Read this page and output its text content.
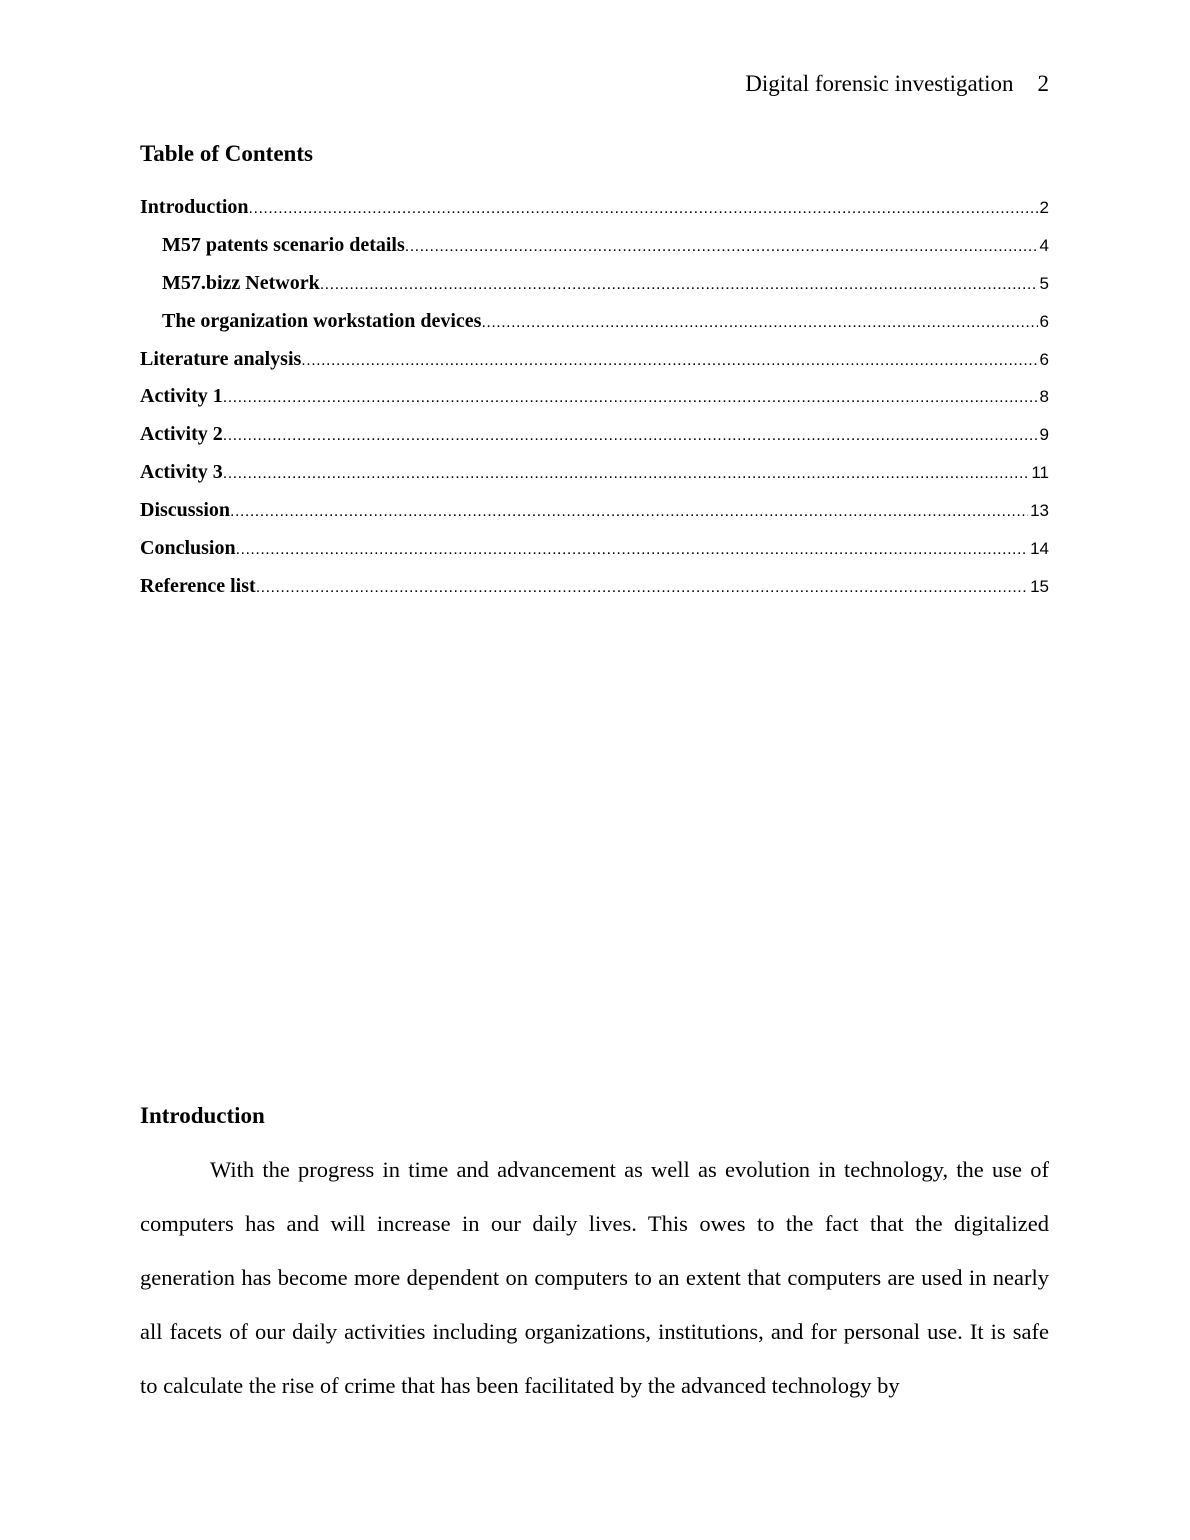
Digital forensic investigation 2
Table of Contents
Introduction .....	2
M57 patents scenario details .....	4
M57.bizz Network .....	5
The organization workstation devices .....	6
Literature analysis .....	6
Activity 1 .....	8
Activity 2 .....	9
Activity 3 .....	11
Discussion .....	13
Conclusion .....	14
Reference list .....	15
Introduction

With the progress in time and advancement as well as evolution in technology, the use of computers has and will increase in our daily lives. This owes to the fact that the digitalized generation has become more dependent on computers to an extent that computers are used in nearly all facets of our daily activities including organizations, institutions, and for personal use. It is safe to calculate the rise of crime that has been facilitated by the advanced technology by
